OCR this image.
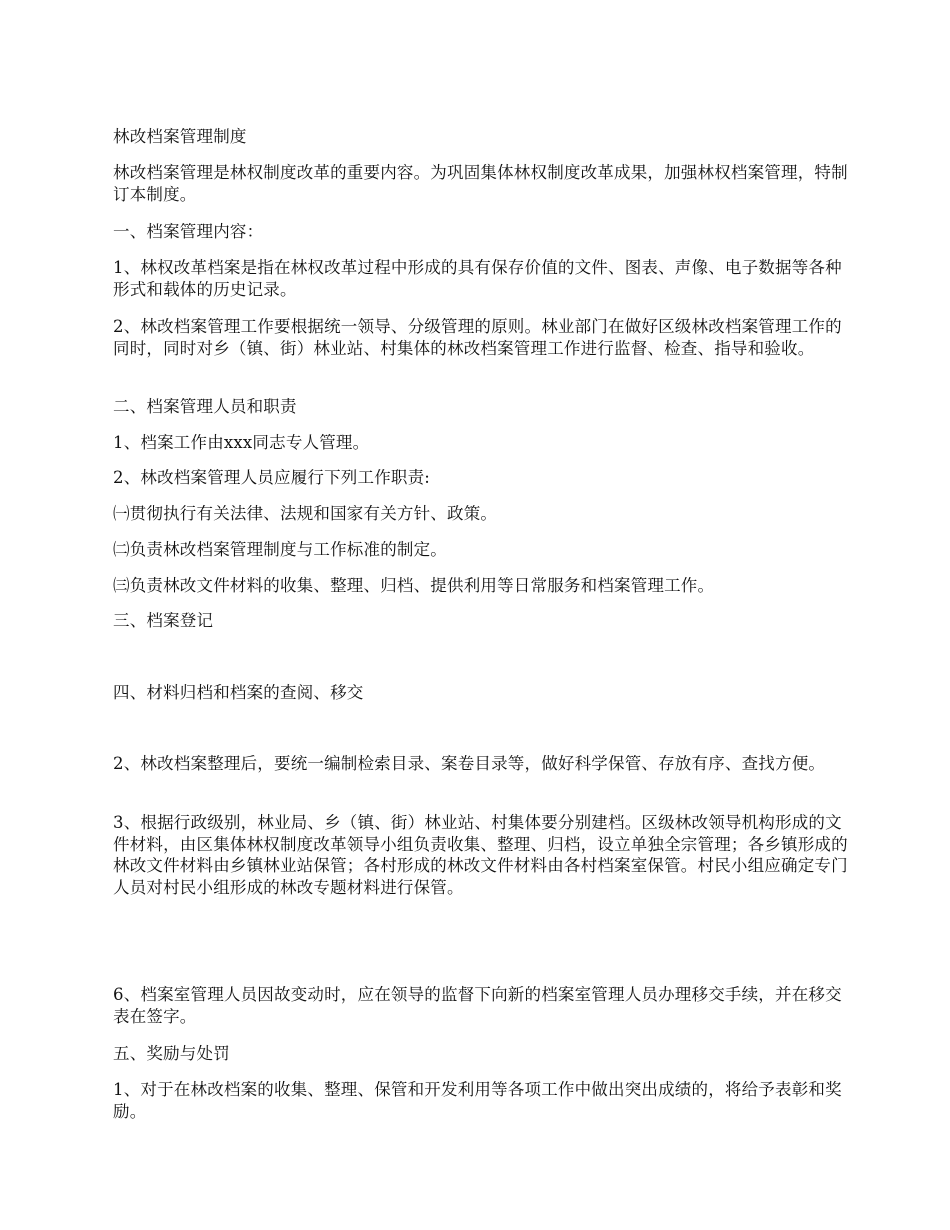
林改档案管理制度

林改档案管理是林权制度改革的重要内容。为巩固集体林权制度改革成果，加强林权档案管理，特制订本制度。

一、档案管理内容：

1、林权改革档案是指在林权改革过程中形成的具有保存价值的文件、图表、声像、电子数据等各种形式和载体的历史记录。

2、林改档案管理工作要根据统一领导、分级管理的原则。林业部门在做好区级林改档案管理工作的同时，同时对乡（镇、街）林业站、村集体的林改档案管理工作进行监督、检查、指导和验收。

二、档案管理人员和职责

1、档案工作由xxx同志专人管理。

2、林改档案管理人员应履行下列工作职责:

㈠贯彻执行有关法律、法规和国家有关方针、政策。

㈡负责林改档案管理制度与工作标准的制定。

㈢负责林改文件材料的收集、整理、归档、提供利用等日常服务和档案管理工作。

三、档案登记

四、材料归档和档案的查阅、移交

2、林改档案整理后，要统一编制检索目录、案卷目录等，做好科学保管、存放有序、查找方便。

3、根据行政级别，林业局、乡（镇、街）林业站、村集体要分别建档。区级林改领导机构形成的文件材料，由区集体林权制度改革领导小组负责收集、整理、归档，设立单独全宗管理；各乡镇形成的林改文件材料由乡镇林业站保管；各村形成的林改文件材料由各村档案室保管。村民小组应确定专门人员对村民小组形成的林改专题材料进行保管。

6、档案室管理人员因故变动时，应在领导的监督下向新的档案室管理人员办理移交手续，并在移交表在签字。

五、奖励与处罚

1、对于在林改档案的收集、整理、保管和开发利用等各项工作中做出突出成绩的，将给予表彰和奖励。
